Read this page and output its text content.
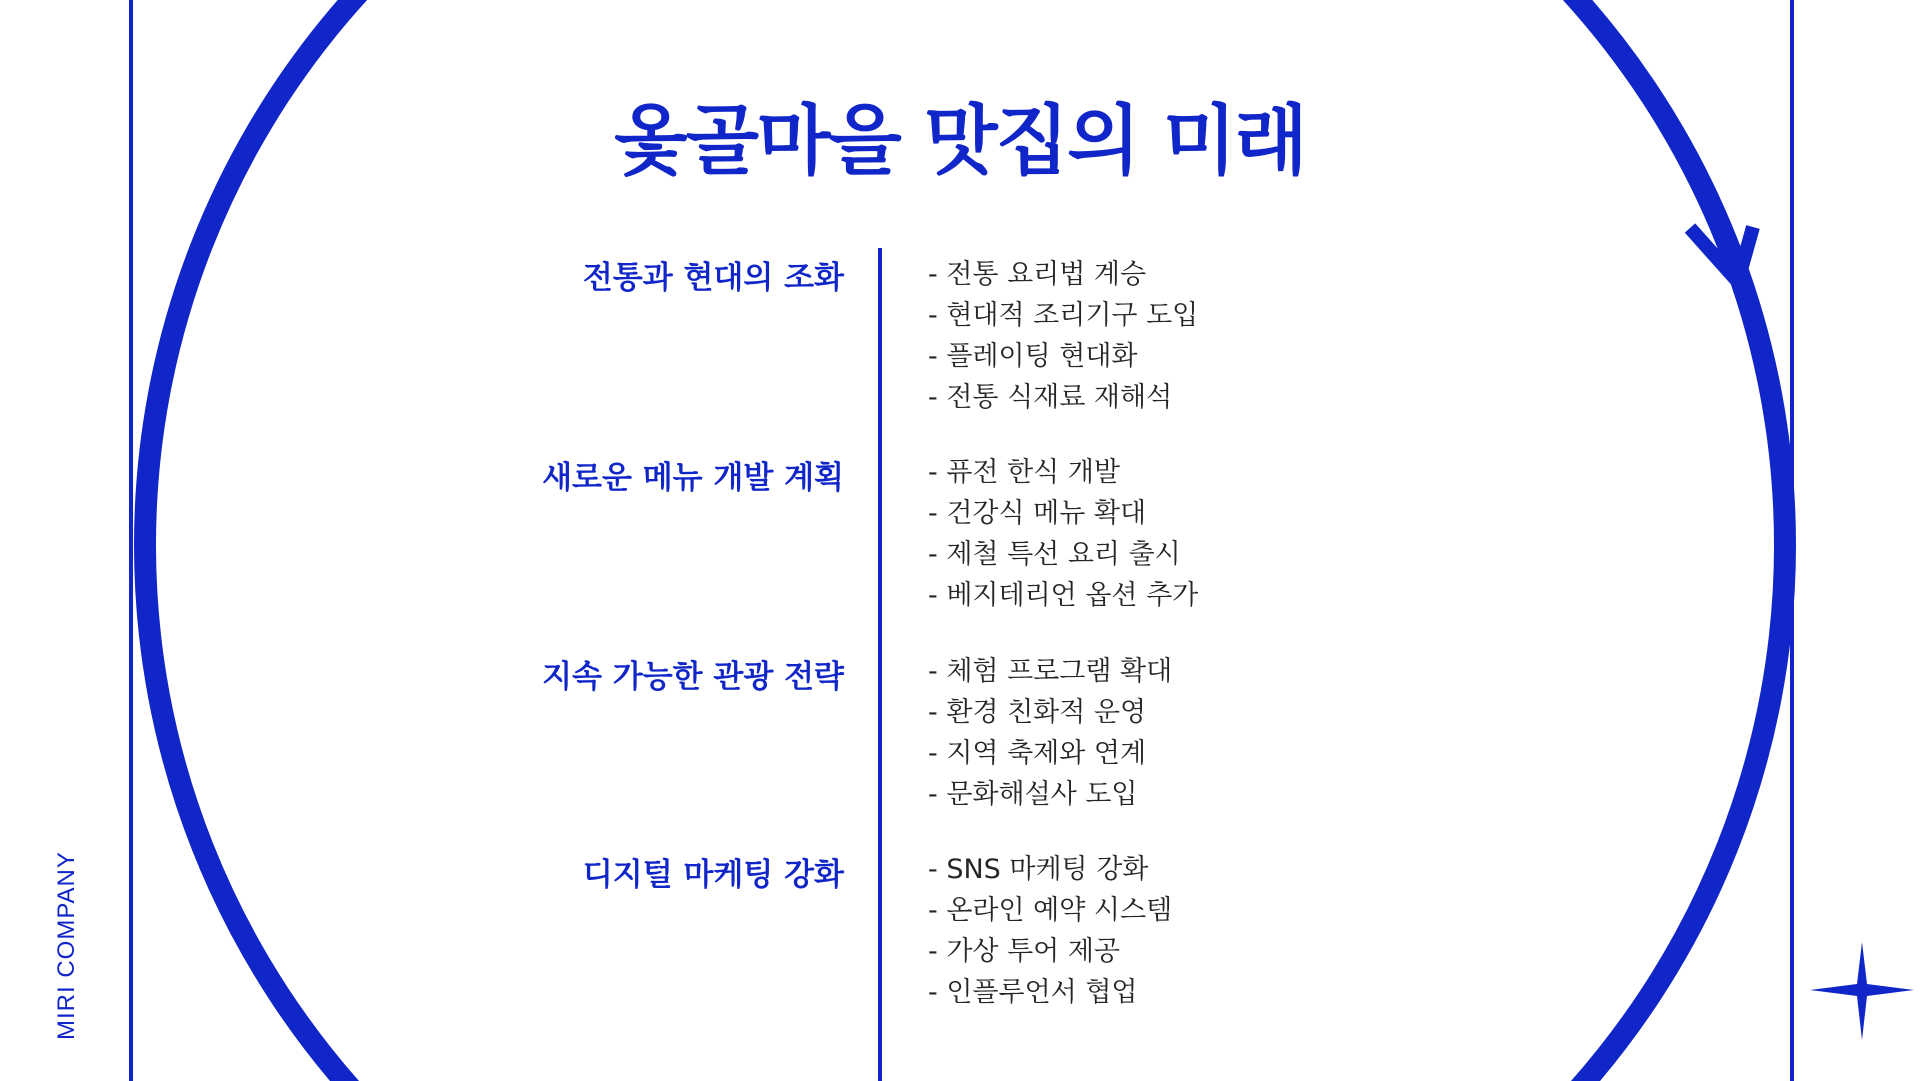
MIRI COMPANY
옻골마을 맛집의 미래
전통과 현대의 조화	- 전통 요리법 계승
- 현대적 조리기구 도입
- 플레이팅 현대화
- 전통 식재료 재해석
새로운 메뉴 개발 계획	- 퓨전 한식 개발
- 건강식 메뉴 확대
- 제철 특선 요리 출시
- 베지테리언 옵션 추가
지속 가능한 관광 전략	- 체험 프로그램 확대
- 환경 친화적 운영
- 지역 축제와 연계
- 문화해설사 도입
디지털 마케팅 강화	- SNS 마케팅 강화
- 온라인 예약 시스템
- 가상 투어 제공
- 인플루언서 협업
